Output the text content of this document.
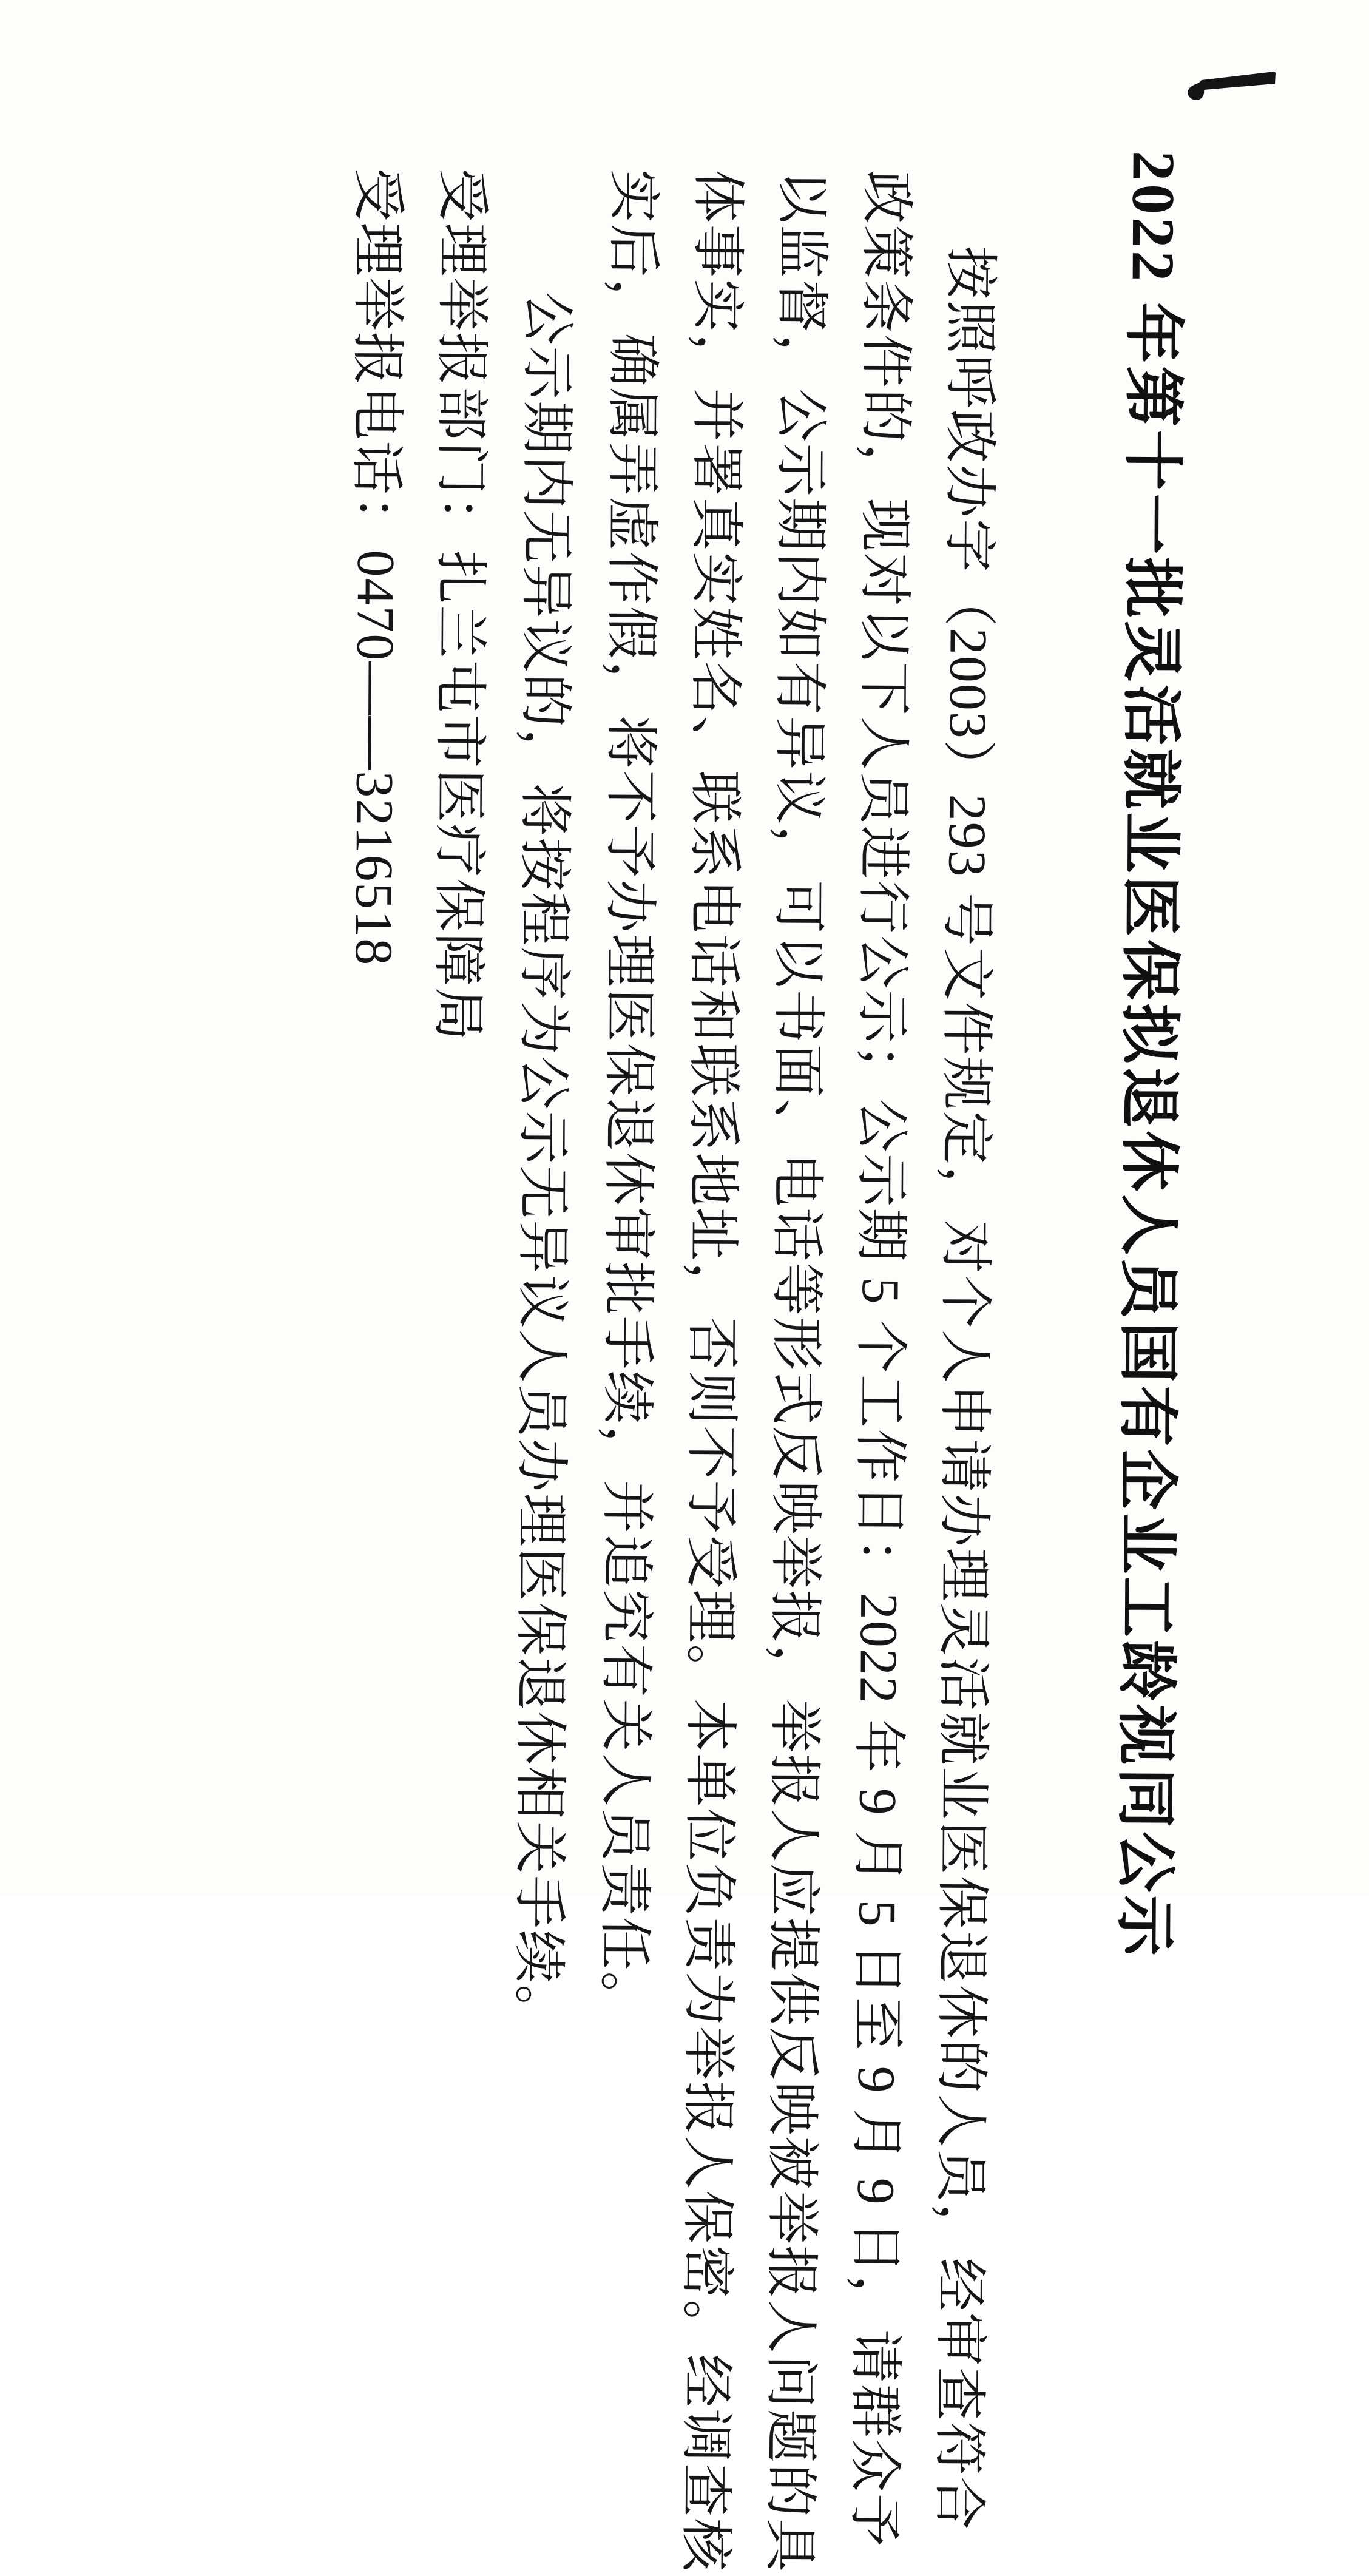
2022 年第十一批灵活就业医保拟退休人员国有企业工龄视同公示
按照呼政办字（2003）293 号文件规定，对个人申请办理灵活就业医保退休的人员，经审查符合
政策条件的，现对以下人员进行公示；公示期 5 个工作日：2022 年 9 月 5 日至 9 月 9 日，请群众予
以监督，公示期内如有异议，可以书面、电话等形式反映举报，举报人应提供反映被举报人问题的具
体事实，并署真实姓名、联系电话和联系地址，否则不予受理。本单位负责为举报人保密。经调查核
实后，确属弄虚作假，将不予办理医保退休审批手续，并追究有关人员责任。
公示期内无异议的，将按程序为公示无异议人员办理医保退休相关手续。
受理举报部门：扎兰屯市医疗保障局
受理举报电话：0470——3216518
